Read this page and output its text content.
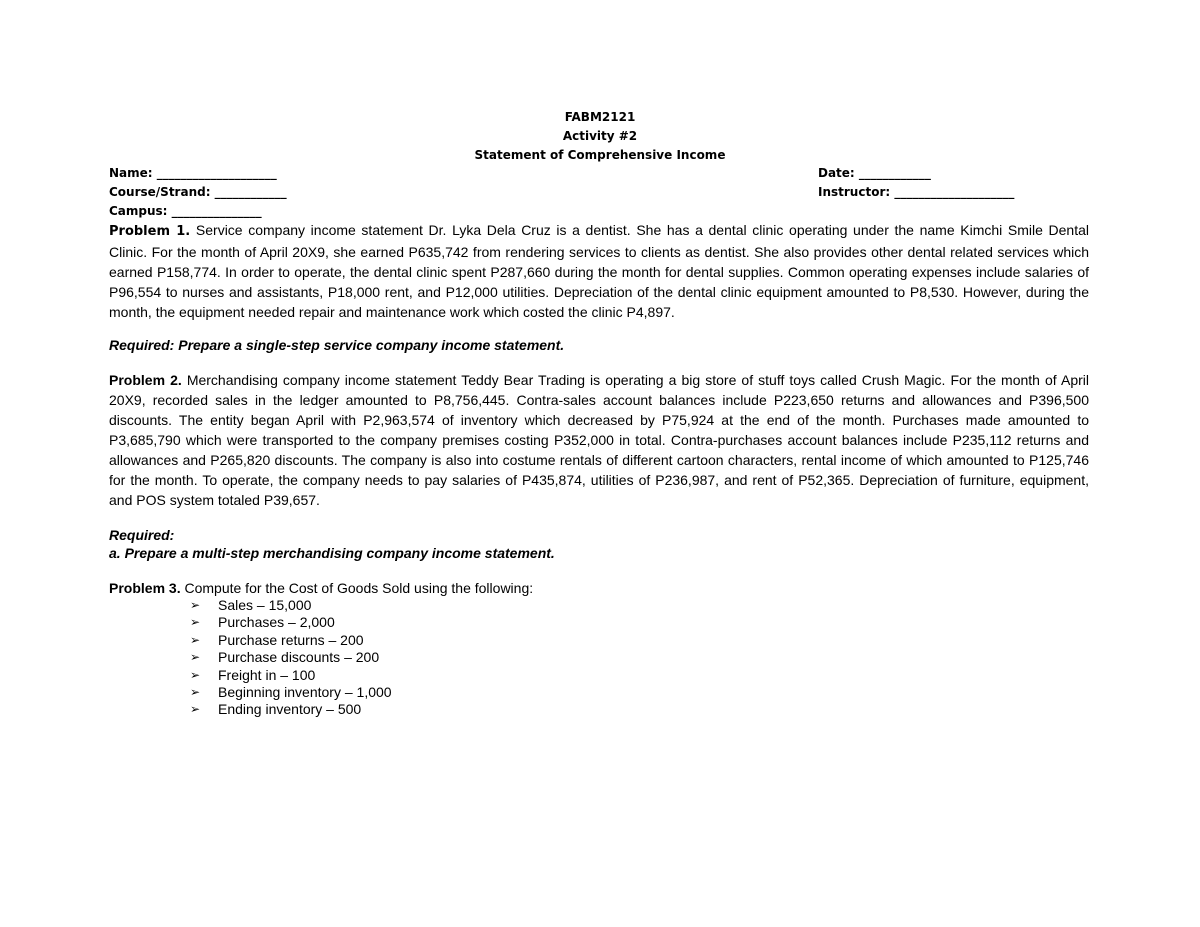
FABM2121
Activity #2
Statement of Comprehensive Income
Name: ____________________	Date: ____________
Course/Strand: ____________	Instructor: ____________________
Campus: _______________
Problem 1. Service company income statement Dr. Lyka Dela Cruz is a dentist. She has a dental clinic operating under the name Kimchi Smile Dental Clinic. For the month of April 20X9, she earned P635,742 from rendering services to clients as dentist. She also provides other dental related services which earned P158,774. In order to operate, the dental clinic spent P287,660 during the month for dental supplies. Common operating expenses include salaries of P96,554 to nurses and assistants, P18,000 rent, and P12,000 utilities. Depreciation of the dental clinic equipment amounted to P8,530. However, during the month, the equipment needed repair and maintenance work which costed the clinic P4,897.
Required: Prepare a single-step service company income statement.
Problem 2. Merchandising company income statement Teddy Bear Trading is operating a big store of stuff toys called Crush Magic. For the month of April 20X9, recorded sales in the ledger amounted to P8,756,445. Contra-sales account balances include P223,650 returns and allowances and P396,500 discounts. The entity began April with P2,963,574 of inventory which decreased by P75,924 at the end of the month. Purchases made amounted to P3,685,790 which were transported to the company premises costing P352,000 in total. Contra-purchases account balances include P235,112 returns and allowances and P265,820 discounts. The company is also into costume rentals of different cartoon characters, rental income of which amounted to P125,746 for the month. To operate, the company needs to pay salaries of P435,874, utilities of P236,987, and rent of P52,365. Depreciation of furniture, equipment, and POS system totaled P39,657.
Required:
a. Prepare a multi-step merchandising company income statement.
Problem 3. Compute for the Cost of Goods Sold using the following:
➢ Sales – 15,000
➢ Purchases – 2,000
➢ Purchase returns – 200
➢ Purchase discounts – 200
➢ Freight in – 100
➢ Beginning inventory – 1,000
➢ Ending inventory – 500
